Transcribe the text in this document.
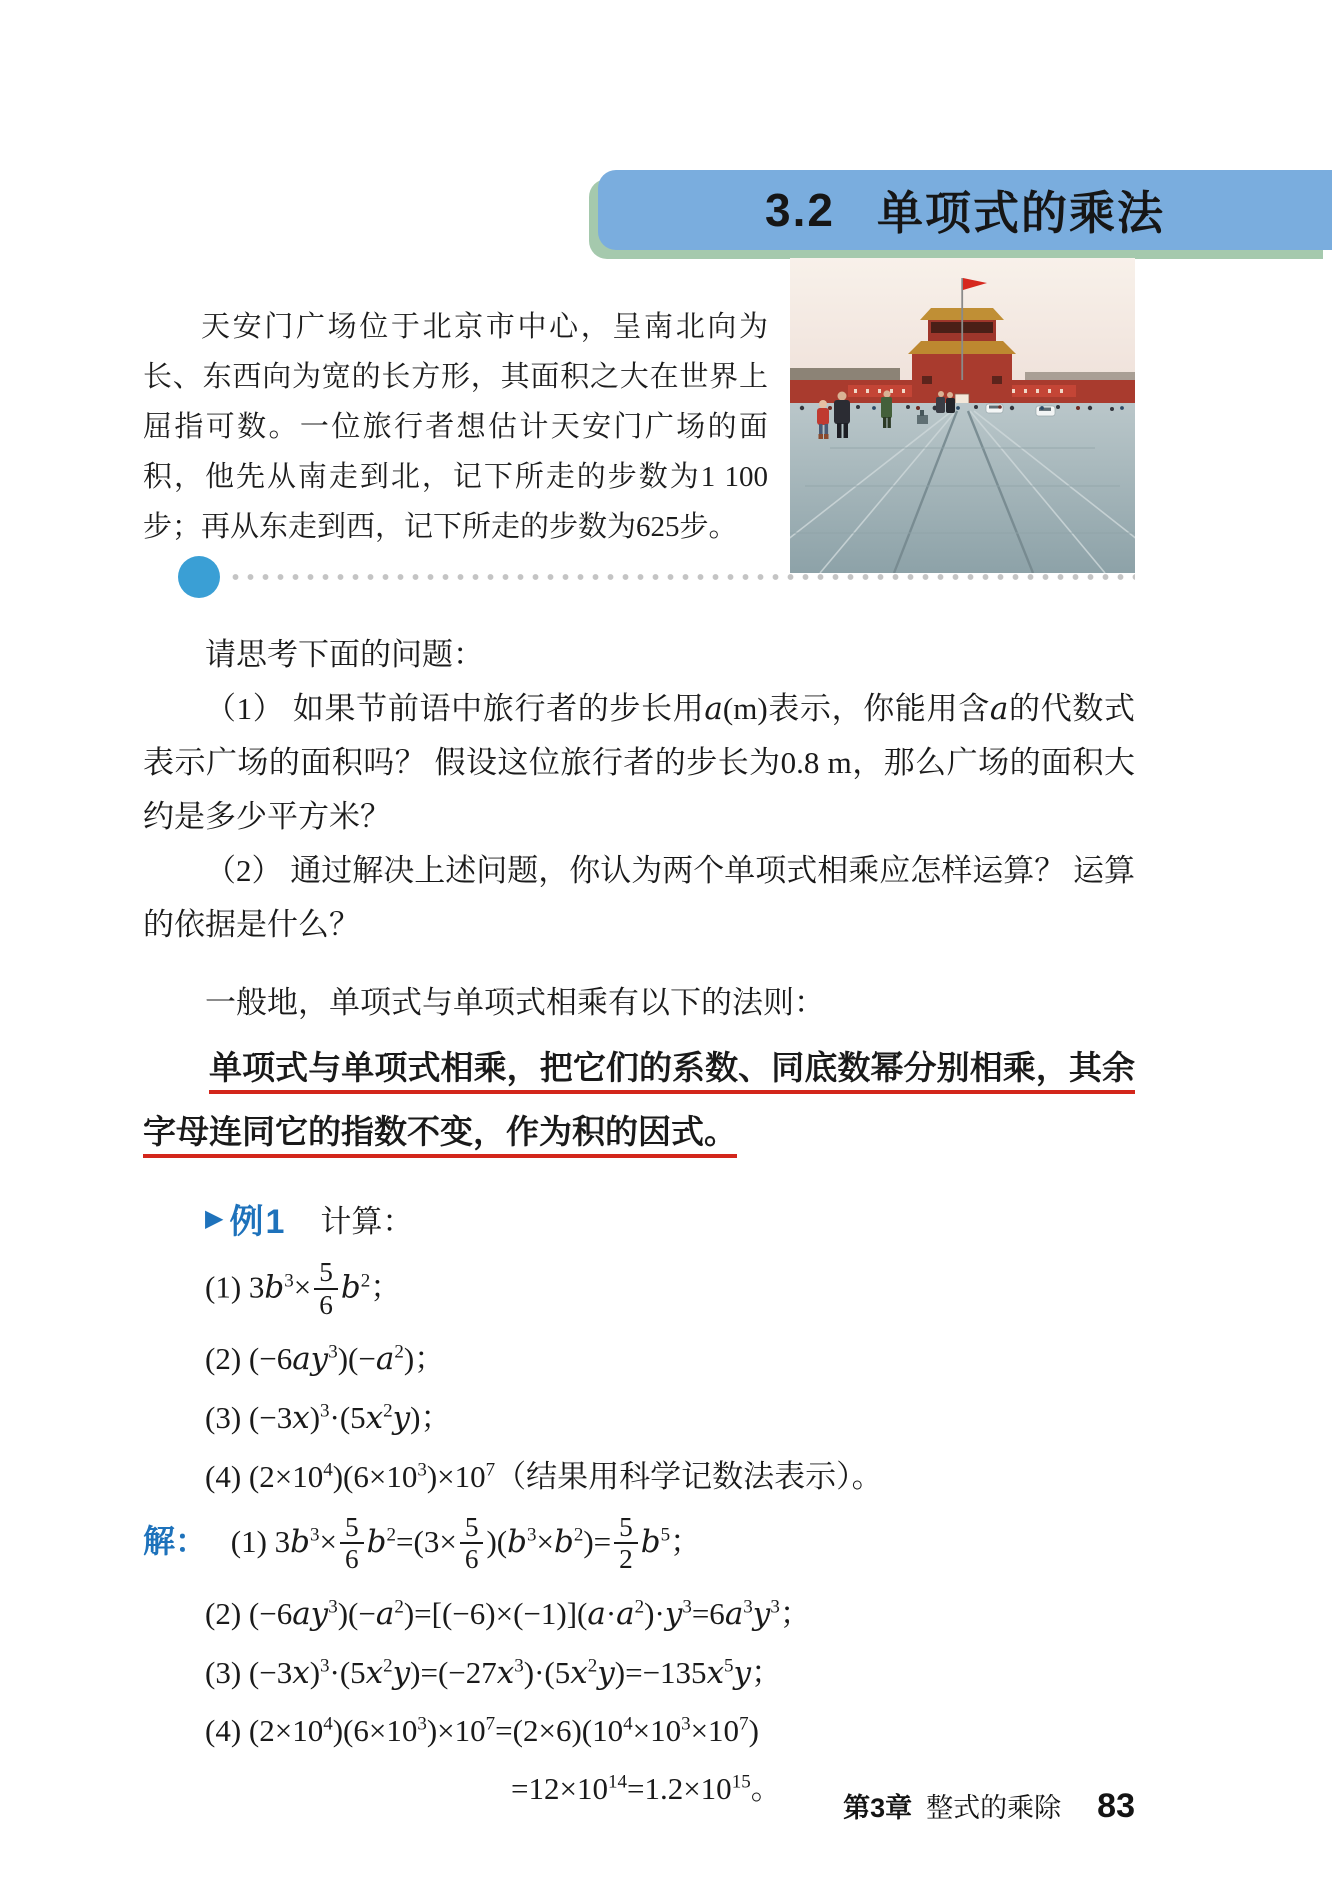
3.2 单项式的乘法
天安门广场位于北京市中心，呈南北向为长、东西向为宽的长方形，其面积之大在世界上屈指可数。一位旅行者想估计天安门广场的面积，他先从南走到北，记下所走的步数为1 100步；再从东走到西，记下所走的步数为625步。

请思考下面的问题：

（1） 如果节前语中旅行者的步长用a(m)表示，你能用含a的代数式表示广场的面积吗？ 假设这位旅行者的步长为0.8 m，那么广场的面积大约是多少平方米？

（2） 通过解决上述问题，你认为两个单项式相乘应怎样运算？ 运算的依据是什么？

一般地，单项式与单项式相乘有以下的法则：

单项式与单项式相乘，把它们的系数、同底数幂分别相乘，其余字母连同它的指数不变，作为积的因式。

▶ 例1 计算：
(1) $3b^3\times \frac{5}{6} b^2$；
(2) $(-6ay^3)(-a^2)$；
(3) $(-3x)^3\cdot(5x^2y)$；
(4) $(2\times 10^4)(6\times 10^3)\times 10^7$（结果用科学记数法表示）。
解： (1) $3b^3\times \frac{5}{6} b^2=(3\times \frac{5}{6} )(b^3\times b^2)= \frac{5}{2} b^5$；
(2) $(-6ay^3)(-a^2)=[(-6)\times(-1)](a\cdot a^2)\cdot y^3=6a^3y^3$；
(3) $(-3x)^3\cdot(5x^2y)=(-27x^3)\cdot(5x^2y)=-135x^5y$；
(4) $(2\times 10^4)(6\times 10^3)\times 10^7=(2\times 6)(10^4\times 10^3\times 10^7)$
$=12\times 10^{14}=1.2\times 10^{15}$。
第3章 整式的乘除 83
